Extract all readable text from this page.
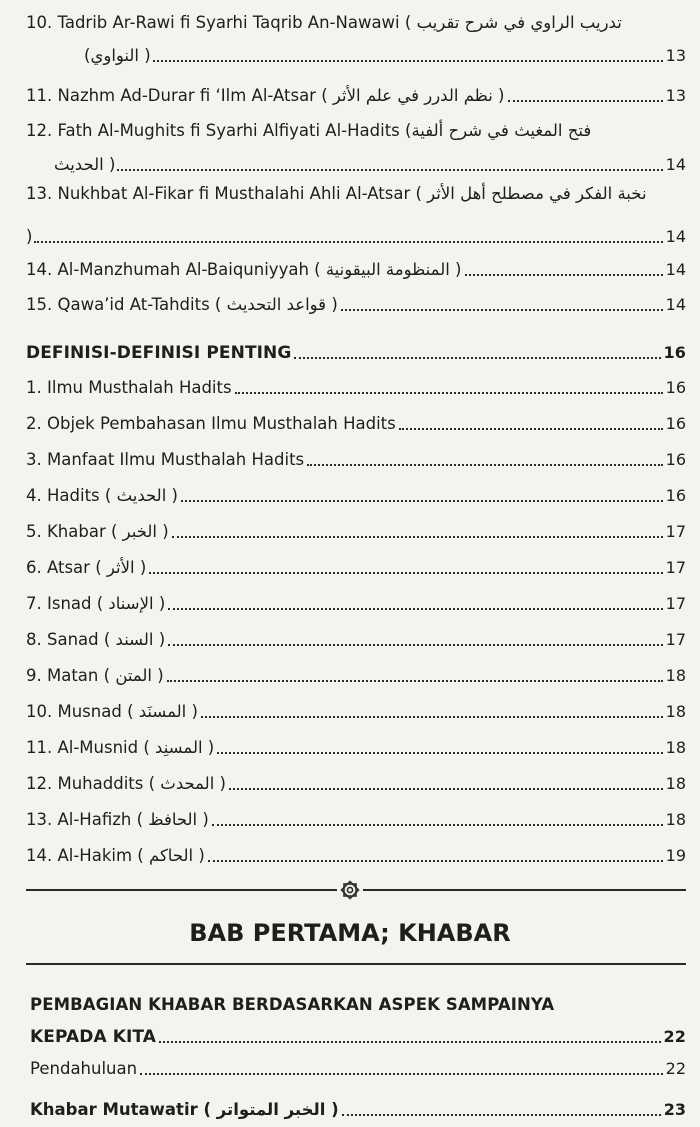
10. Tadrib Ar-Rawi fi Syarhi Taqrib An-Nawawi ( تدريب الراوي في شرح تقريب
(النواوي )	13
11. Nazhm Ad-Durar fi ‘Ilm Al-Atsar ( نظم الدرر في علم الأثر )	13
12. Fath Al-Mughits fi Syarhi Alfiyati Al-Hadits (فتح المغيث في شرح ألفية
الحديث )	14
13. Nukhbat Al-Fikar fi Musthalahi Ahli Al-Atsar ( نخبة الفكر في مصطلح أهل الأثر
)	14
14. Al-Manzhumah Al-Baiquniyyah ( المنظومة البيقونية )	14
15. Qawa’id At-Tahdits ( قواعد التحديث )	14
DEFINISI-DEFINISI PENTING	16
1. Ilmu Musthalah Hadits	16
2. Objek Pembahasan Ilmu Musthalah Hadits	16
3. Manfaat Ilmu Musthalah Hadits	16
4. Hadits ( الحديث )	16
5. Khabar ( الخبر )	17
6. Atsar ( الأثر )	17
7. Isnad ( الإسناد )	17
8. Sanad ( السند )	17
9. Matan ( المتن )	18
10. Musnad ( المسنَد )	18
11. Al-Musnid ( المسنِد )	18
12. Muhaddits ( المحدث )	18
13. Al-Hafizh ( الحافظ )	18
14. Al-Hakim ( الحاكم )	19
BAB PERTAMA; KHABAR
PEMBAGIAN KHABAR BERDASARKAN ASPEK SAMPAINYA
KEPADA KITA	22
Pendahuluan	22
Khabar Mutawatir ( الخبر المتواتر )	23
